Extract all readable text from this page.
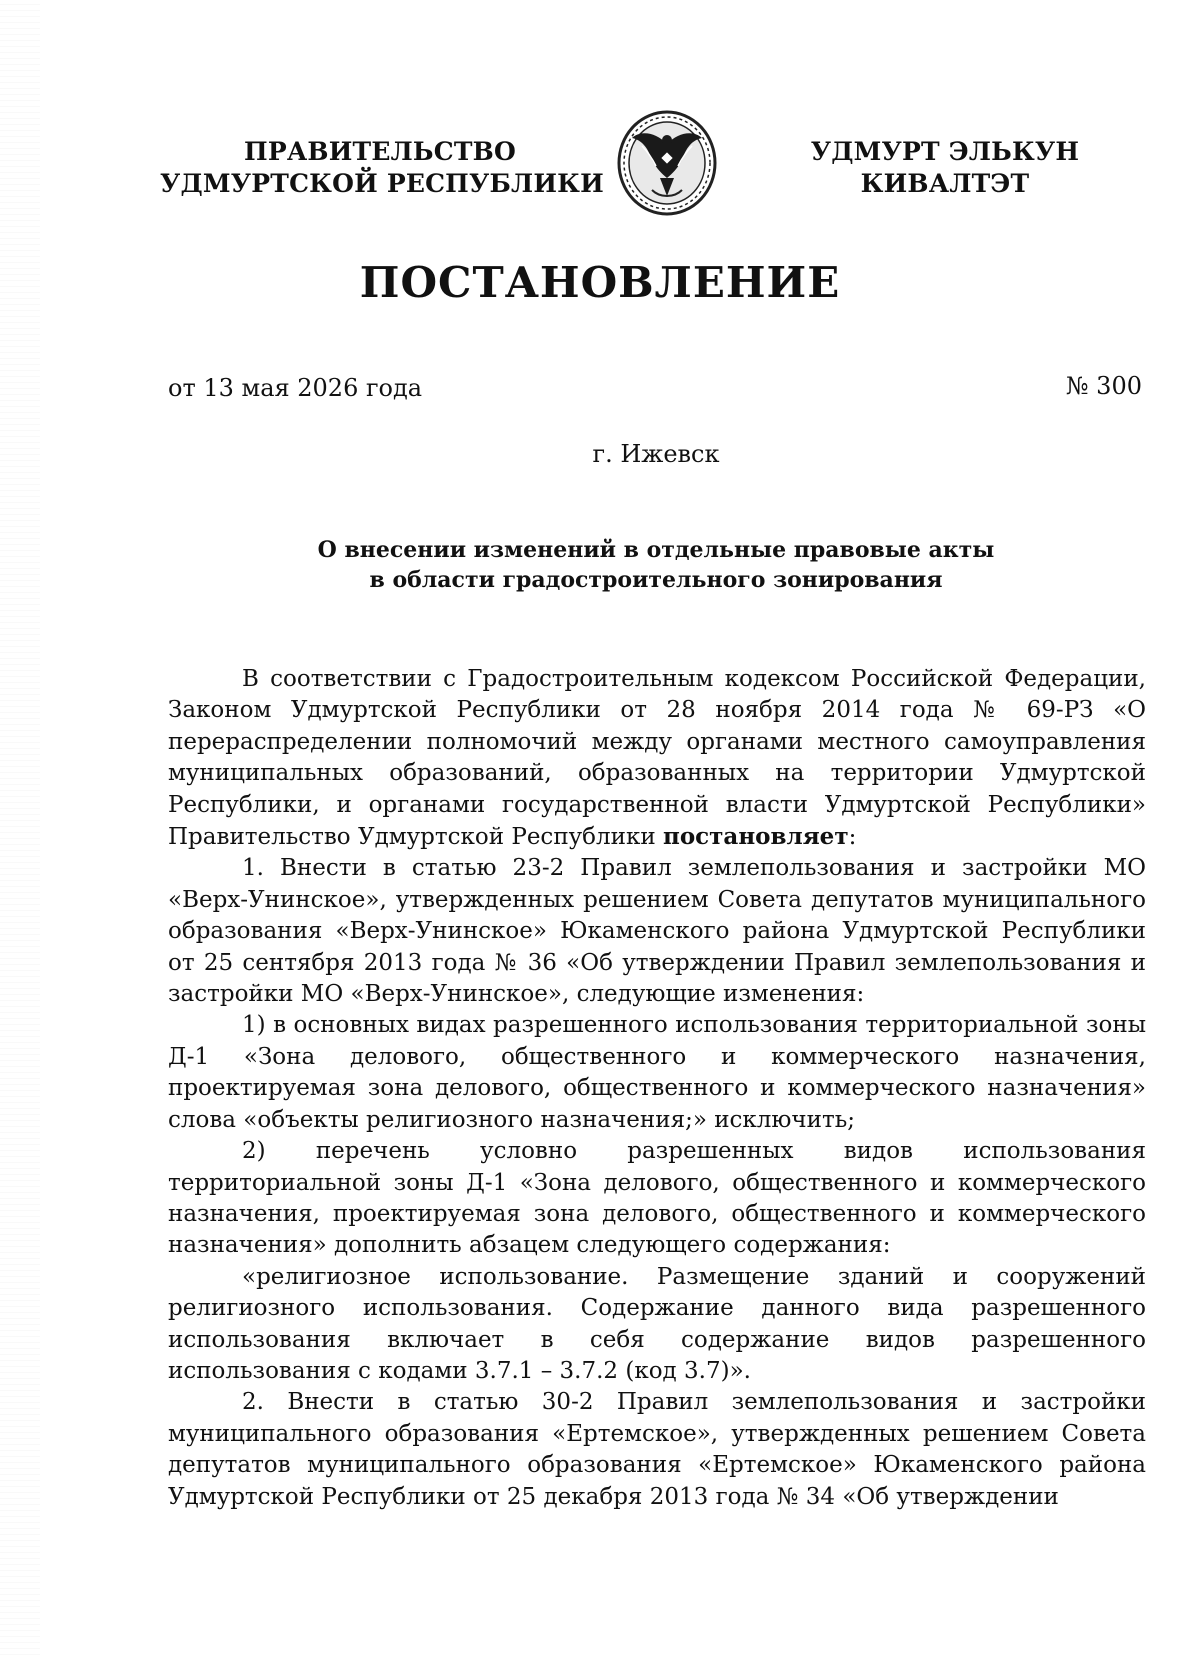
ПРАВИТЕЛЬСТВО
УДМУРТСКОЙ РЕСПУБЛИКИ
УДМУРТ ЭЛЬКУН
КИВАЛТЭТ
ПОСТАНОВЛЕНИЕ
от 13 мая 2026 года	№ 300
г. Ижевск
О внесении изменений в отдельные правовые акты
в области градостроительного зонирования

В соответствии с Градостроительным кодексом Российской Федерации, Законом Удмуртской Республики от 28 ноября 2014 года № 69-РЗ «О перераспределении полномочий между органами местного самоуправления муниципальных образований, образованных на территории Удмуртской Республики, и органами государственной власти Удмуртской Республики» Правительство Удмуртской Республики постановляет:

1. Внести в статью 23-2 Правил землепользования и застройки МО «Верх-Унинское», утвержденных решением Совета депутатов муниципального образования «Верх-Унинское» Юкаменского района Удмуртской Республики от 25 сентября 2013 года № 36 «Об утверждении Правил землепользования и застройки МО «Верх-Унинское», следующие изменения:

1) в основных видах разрешенного использования территориальной зоны Д-1 «Зона делового, общественного и коммерческого назначения, проектируемая зона делового, общественного и коммерческого назначения» слова «объекты религиозного назначения;» исключить;

2) перечень условно разрешенных видов использования территориальной зоны Д-1 «Зона делового, общественного и коммерческого назначения, проектируемая зона делового, общественного и коммерческого назначения» дополнить абзацем следующего содержания:

«религиозное использование. Размещение зданий и сооружений религиозного использования. Содержание данного вида разрешенного использования включает в себя содержание видов разрешенного использования с кодами 3.7.1 – 3.7.2 (код 3.7)».

2. Внести в статью 30-2 Правил землепользования и застройки муниципального образования «Ертемское», утвержденных решением Совета депутатов муниципального образования «Ертемское» Юкаменского района Удмуртской Республики от 25 декабря 2013 года № 34 «Об утверждении
